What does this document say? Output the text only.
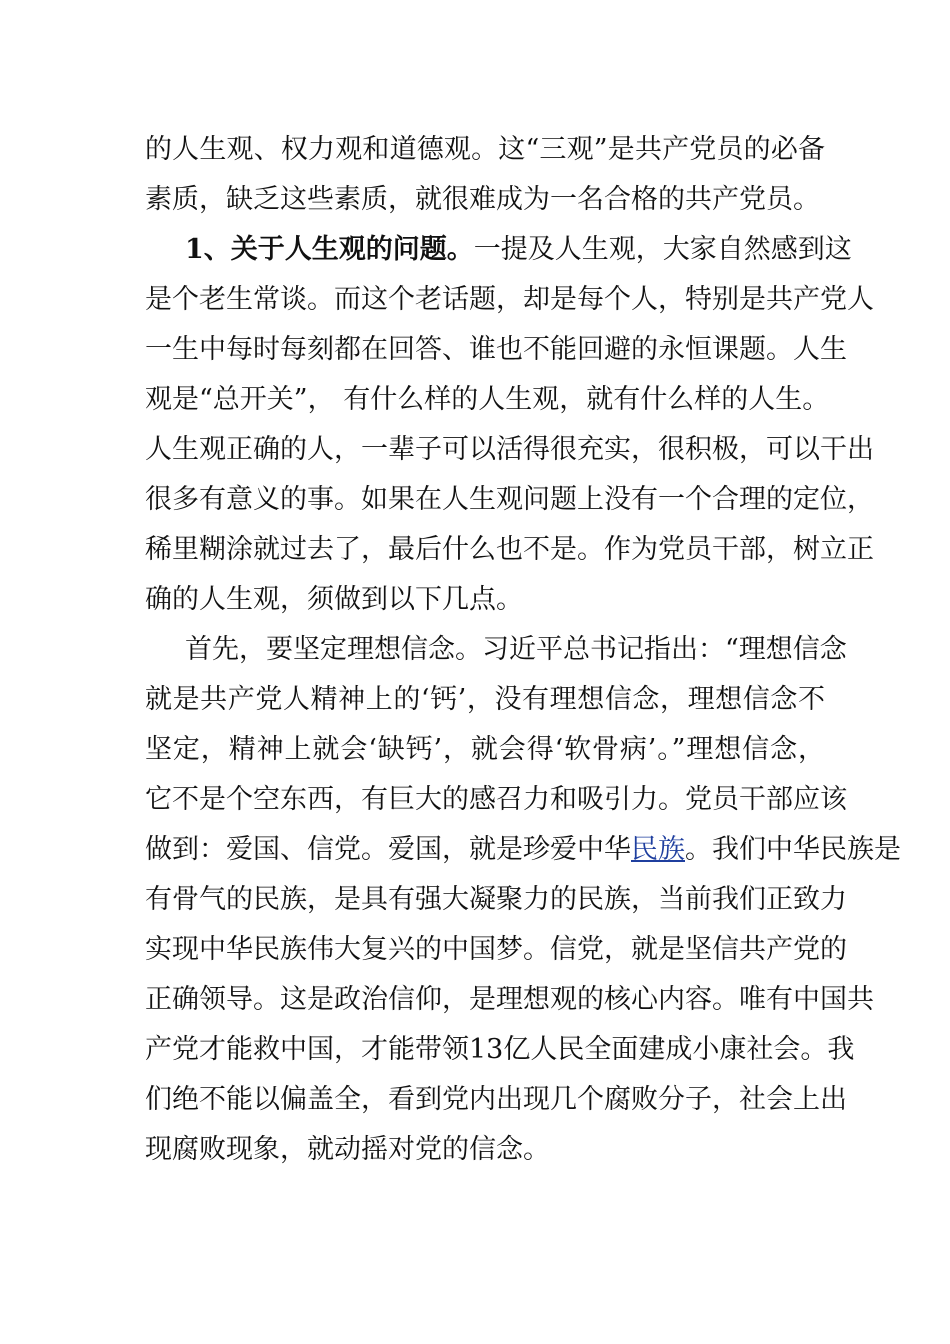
的人生观、权力观和道德观。这“三观”是共产党员的必备
素质，缺乏这些素质，就很难成为一名合格的共产党员。
1、关于人生观的问题。一提及人生观，大家自然感到这
是个老生常谈。而这个老话题，却是每个人，特别是共产党人
一生中每时每刻都在回答、谁也不能回避的永恒课题。人生
观是“总开关”， 有什么样的人生观，就有什么样的人生。
人生观正确的人，一辈子可以活得很充实，很积极，可以干出
很多有意义的事。如果在人生观问题上没有一个合理的定位，
稀里糊涂就过去了，最后什么也不是。作为党员干部，树立正
确的人生观，须做到以下几点。
首先，要坚定理想信念。习近平总书记指出：“理想信念
就是共产党人精神上的‘钙’，没有理想信念，理想信念不
坚定，精神上就会‘缺钙’，就会得‘软骨病’。”理想信念，
它不是个空东西，有巨大的感召力和吸引力。党员干部应该
做到：爱国、信党。爱国，就是珍爱中华民族。我们中华民族是
有骨气的民族，是具有强大凝聚力的民族，当前我们正致力
实现中华民族伟大复兴的中国梦。信党，就是坚信共产党的
正确领导。这是政治信仰，是理想观的核心内容。唯有中国共
产党才能救中国，才能带领13亿人民全面建成小康社会。我
们绝不能以偏盖全，看到党内出现几个腐败分子，社会上出
现腐败现象，就动摇对党的信念。
